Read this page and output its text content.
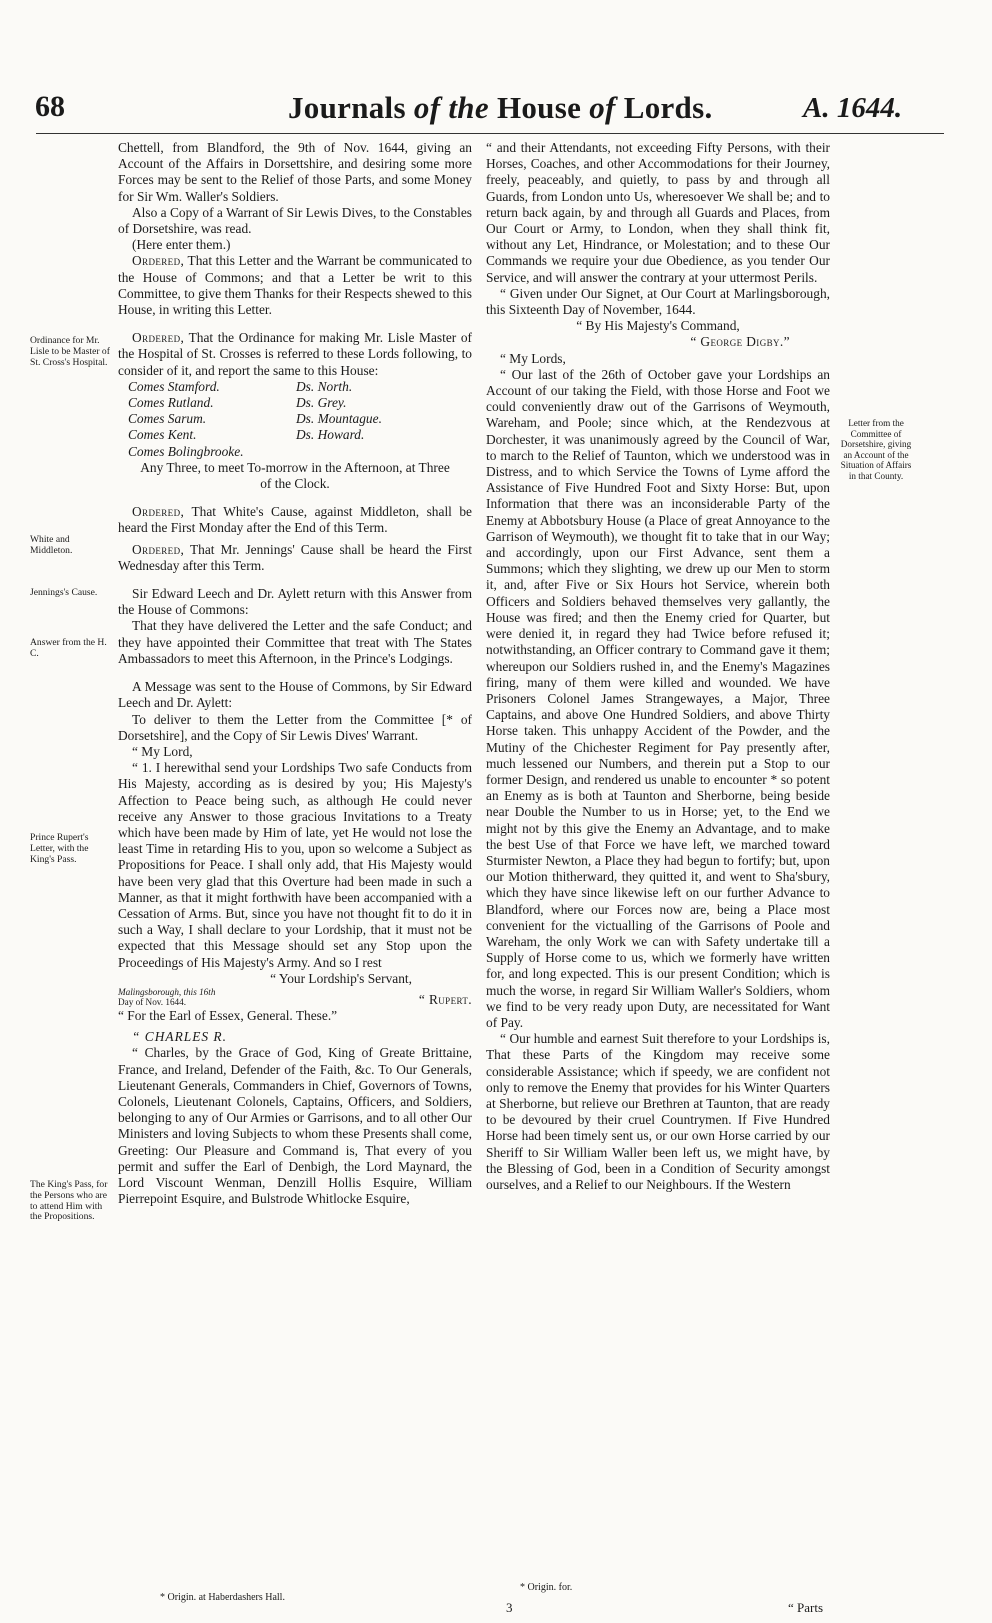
68	Journals of the House of Lords.	A. 1644.
Ordinance for Mr. Lisle to be Master of St. Cross's Hospital.
White and Middleton.
Jennings's Cause.
Answer from the H. C.
Prince Rupert's Letter, with the King's Pass.
The King's Pass, for the Persons who are to attend Him with the Propositions.
Letter from the Committee of Dorsetshire, giving an Account of the Situation of Affairs in that County.

Chettell, from Blandford, the 9th of Nov. 1644, giving an Account of the Affairs in Dorsettshire, and desiring some more Forces may be sent to the Relief of those Parts, and some Money for Sir Wm. Waller's Soldiers.

Also a Copy of a Warrant of Sir Lewis Dives, to the Constables of Dorsetshire, was read.

(Here enter them.)

Ordered, That this Letter and the Warrant be communicated to the House of Commons; and that a Letter be writ to this Committee, to give them Thanks for their Respects shewed to this House, in writing this Letter.

Ordered, That the Ordinance for making Mr. Lisle Master of the Hospital of St. Crosses is referred to these Lords following, to consider of it, and report the same to this House:

Comes Stamford.	Ds. North.
Comes Rutland.	Ds. Grey.
Comes Sarum.	Ds. Mountague.
Comes Kent.	Ds. Howard.
Comes Bolingbrooke.

Any Three, to meet To-morrow in the Afternoon, at Three of the Clock.

Ordered, That White's Cause, against Middleton, shall be heard the First Monday after the End of this Term.

Ordered, That Mr. Jennings' Cause shall be heard the First Wednesday after this Term.

Sir Edward Leech and Dr. Aylett return with this Answer from the House of Commons:

That they have delivered the Letter and the safe Conduct; and they have appointed their Committee that treat with The States Ambassadors to meet this Afternoon, in the Prince's Lodgings.

A Message was sent to the House of Commons, by Sir Edward Leech and Dr. Aylett:

To deliver to them the Letter from the Committee [* of Dorsetshire], and the Copy of Sir Lewis Dives' Warrant.

“ My Lord,

“ 1. I herewithal send your Lordships Two safe Conducts from His Majesty, according as is desired by you; His Majesty's Affection to Peace being such, as although He could never receive any Answer to those gracious Invitations to a Treaty which have been made by Him of late, yet He would not lose the least Time in retarding His to you, upon so welcome a Subject as Propositions for Peace. I shall only add, that His Majesty would have been very glad that this Overture had been made in such a Manner, as that it might forthwith have been accompanied with a Cessation of Arms. But, since you have not thought fit to do it in such a Way, I shall declare to your Lordship, that it must not be expected that this Message should set any Stop upon the Proceedings of His Majesty's Army. And so I rest

“ Your Lordship's Servant,

Malingsborough, this 16th
Day of Nov. 1644.	“ Rupert.

“ For the Earl of Essex, General. These.”

“ CHARLES R.

“ Charles, by the Grace of God, King of Greate Brittaine, France, and Ireland, Defender of the Faith, &c. To Our Generals, Lieutenant Generals, Commanders in Chief, Governors of Towns, Colonels, Lieutenant Colonels, Captains, Officers, and Soldiers, belonging to any of Our Armies or Garrisons, and to all other Our Ministers and loving Subjects to whom these Presents shall come, Greeting: Our Pleasure and Command is, That every of you permit and suffer the Earl of Denbigh, the Lord Maynard, the Lord Viscount Wenman, Denzill Hollis Esquire, William Pierrepoint Esquire, and Bulstrode Whitlocke Esquire,

“ and their Attendants, not exceeding Fifty Persons, with their Horses, Coaches, and other Accommodations for their Journey, freely, peaceably, and quietly, to pass by and through all Guards, from London unto Us, wheresoever We shall be; and to return back again, by and through all Guards and Places, from Our Court or Army, to London, when they shall think fit, without any Let, Hindrance, or Molestation; and to these Our Commands we require your due Obedience, as you tender Our Service, and will answer the contrary at your uttermost Perils.

“ Given under Our Signet, at Our Court at Marlingsborough, this Sixteenth Day of November, 1644.

“ By His Majesty's Command,

“ George Digby.”

“ My Lords,

“ Our last of the 26th of October gave your Lordships an Account of our taking the Field, with those Horse and Foot we could conveniently draw out of the Garrisons of Weymouth, Wareham, and Poole; since which, at the Rendezvous at Dorchester, it was unanimously agreed by the Council of War, to march to the Relief of Taunton, which we understood was in Distress, and to which Service the Towns of Lyme afford the Assistance of Five Hundred Foot and Sixty Horse: But, upon Information that there was an inconsiderable Party of the Enemy at Abbotsbury House (a Place of great Annoyance to the Garrison of Weymouth), we thought fit to take that in our Way; and accordingly, upon our First Advance, sent them a Summons; which they slighting, we drew up our Men to storm it, and, after Five or Six Hours hot Service, wherein both Officers and Soldiers behaved themselves very gallantly, the House was fired; and then the Enemy cried for Quarter, but were denied it, in regard they had Twice before refused it; notwithstanding, an Officer contrary to Command gave it them; whereupon our Soldiers rushed in, and the Enemy's Magazines firing, many of them were killed and wounded. We have Prisoners Colonel James Strangewayes, a Major, Three Captains, and above One Hundred Soldiers, and above Thirty Horse taken. This unhappy Accident of the Powder, and the Mutiny of the Chichester Regiment for Pay presently after, much lessened our Numbers, and therein put a Stop to our former Design, and rendered us unable to encounter * so potent an Enemy as is both at Taunton and Sherborne, being beside near Double the Number to us in Horse; yet, to the End we might not by this give the Enemy an Advantage, and to make the best Use of that Force we have left, we marched toward Sturmister Newton, a Place they had begun to fortify; but, upon our Motion thitherward, they quitted it, and went to Sha'sbury, which they have since likewise left on our further Advance to Blandford, where our Forces now are, being a Place most convenient for the victualling of the Garrisons of Poole and Wareham, the only Work we can with Safety undertake till a Supply of Horse come to us, which we formerly have written for, and long expected. This is our present Condition; which is much the worse, in regard Sir William Waller's Soldiers, whom we find to be very ready upon Duty, are necessitated for Want of Pay.

“ Our humble and earnest Suit therefore to your Lordships is, That these Parts of the Kingdom may receive some considerable Assistance; which if speedy, we are confident not only to remove the Enemy that provides for his Winter Quarters at Sherborne, but relieve our Brethren at Taunton, that are ready to be devoured by their cruel Countrymen. If Five Hundred Horse had been timely sent us, or our own Horse carried by our Sheriff to Sir William Waller been left us, we might have, by the Blessing of God, been in a Condition of Security amongst ourselves, and a Relief to our Neighbours. If the Western

* Origin. at Haberdashers Hall.
* Origin. for.
3	“ Parts
